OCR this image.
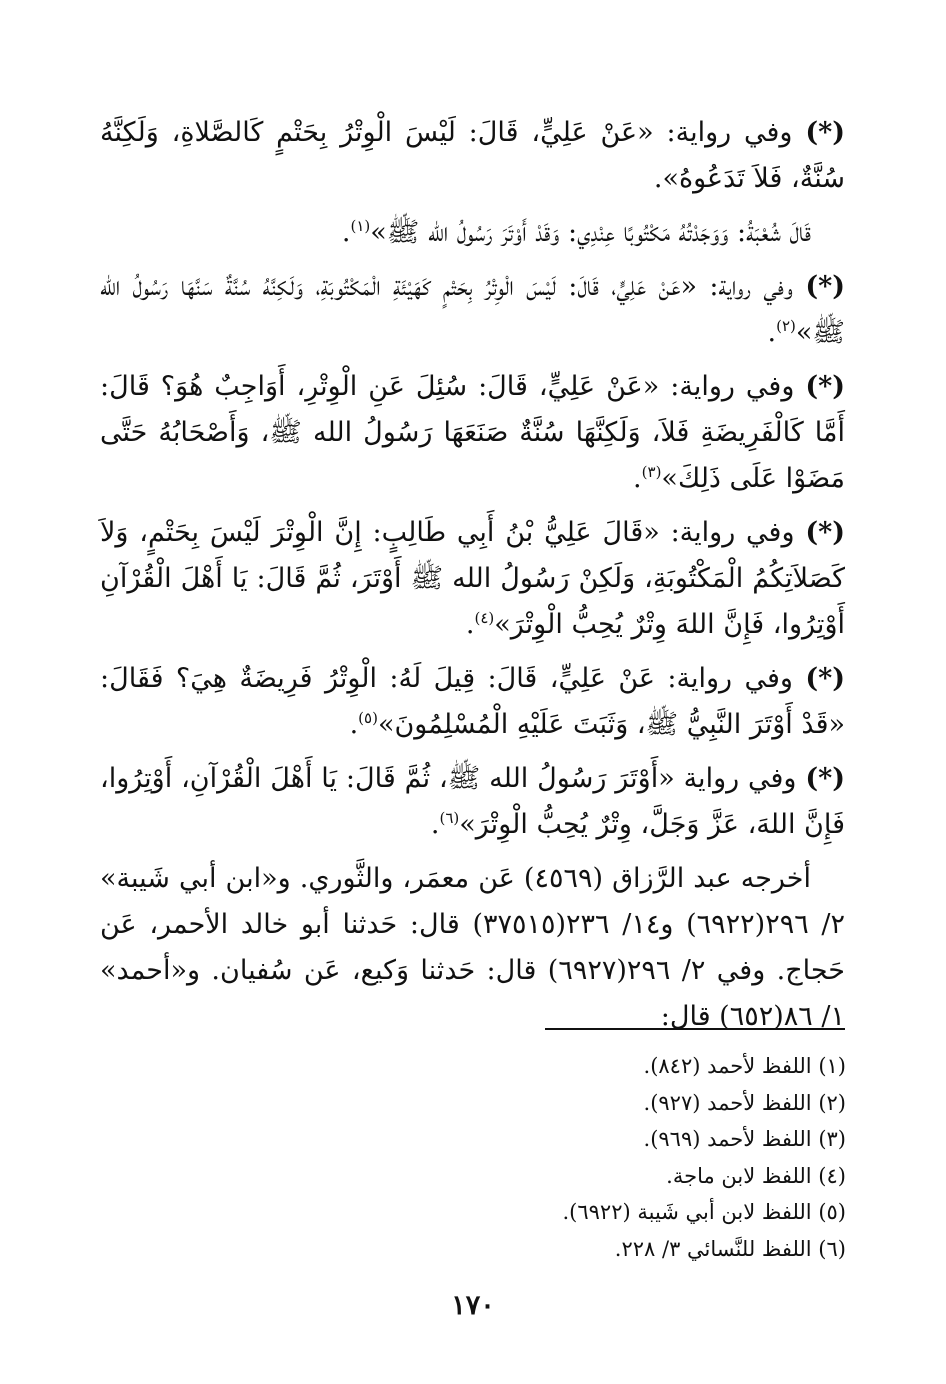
(*) وفي رواية: «عَنْ عَلِيٍّ، قَالَ: لَيْسَ الْوِتْرُ بِحَتْمٍ كَالصَّلاةِ، وَلَكِنَّهُ سُنَّةٌ، فَلاَ تَدَعُوهُ».

قَالَ شُعْبَةُ: وَوَجَدْتُهُ مَكْتُوبًا عِنْدِي: وَقَدْ أَوْتَرَ رَسُولُ الله ﷺ»$^{(١)}$.

(*) وفي رواية: «عَنْ عَلِيٍّ، قَالَ: لَيْسَ الْوِتْرُ بِحَتْمٍ كَهَيْئَةِ الْمَكْتُوبَةِ، وَلَكِنَّهُ سُنَّةٌ سَنَّهَا رَسُولُ الله ﷺ»$^{(٢)}$.

(*) وفي رواية: «عَنْ عَلِيٍّ، قَالَ: سُئِلَ عَنِ الْوِتْرِ، أَوَاجِبٌ هُوَ؟ قَالَ: أَمَّا كَالْفَرِيضَةِ فَلاَ، وَلَكِنَّهَا سُنَّةٌ صَنَعَهَا رَسُولُ الله ﷺ، وَأَصْحَابُهُ حَتَّى مَضَوْا عَلَى ذَلِكَ»$^{(٣)}$.

(*) وفي رواية: «قَالَ عَلِيُّ بْنُ أَبِي طَالِبٍ: إِنَّ الْوِتْرَ لَيْسَ بِحَتْمٍ، وَلاَ كَصَلاَتِكُمُ الْمَكْتُوبَةِ، وَلَكِنْ رَسُولُ الله ﷺ أَوْتَرَ، ثُمَّ قَالَ: يَا أَهْلَ الْقُرْآنِ أَوْتِرُوا، فَإِنَّ اللهَ وِتْرٌ يُحِبُّ الْوِتْرَ»$^{(٤)}$.

(*) وفي رواية: عَنْ عَلِيٍّ، قَالَ: قِيلَ لَهُ: الْوِتْرُ فَرِيضَةٌ هِيَ؟ فَقَالَ: «قَدْ أَوْتَرَ النَّبِيُّ ﷺ، وَثَبَتَ عَلَيْهِ الْمُسْلِمُونَ»$^{(٥)}$.

(*) وفي رواية «أَوْتَرَ رَسُولُ الله ﷺ، ثُمَّ قَالَ: يَا أَهْلَ الْقُرْآنِ، أَوْتِرُوا، فَإِنَّ اللهَ، عَزَّ وَجَلَّ، وِتْرٌ يُحِبُّ الْوِتْرَ»$^{(٦)}$.

أخرجه عبد الرَّزاق (٤٥٦٩) عَن معمَر، والثَّوري. و«ابن أبي شَيبة» ٢/ ٢٩٦(٦٩٢٢) و١٤/ ٢٣٦(٣٧٥١٥) قال: حَدثنا أبو خالد الأحمر، عَن حَجاج. وفي ٢/ ٢٩٦(٦٩٢٧) قال: حَدثنا وَكيع، عَن سُفيان. و«أحمد» ١/ ٨٦(٦٥٢) قال:

(١) اللفظ لأحمد (٨٤٢).
(٢) اللفظ لأحمد (٩٢٧).
(٣) اللفظ لأحمد (٩٦٩).
(٤) اللفظ لابن ماجة.
(٥) اللفظ لابن أبي شَيبة (٦٩٢٢).
(٦) اللفظ للنَّسائي ٣/ ٢٢٨.
١٧٠
